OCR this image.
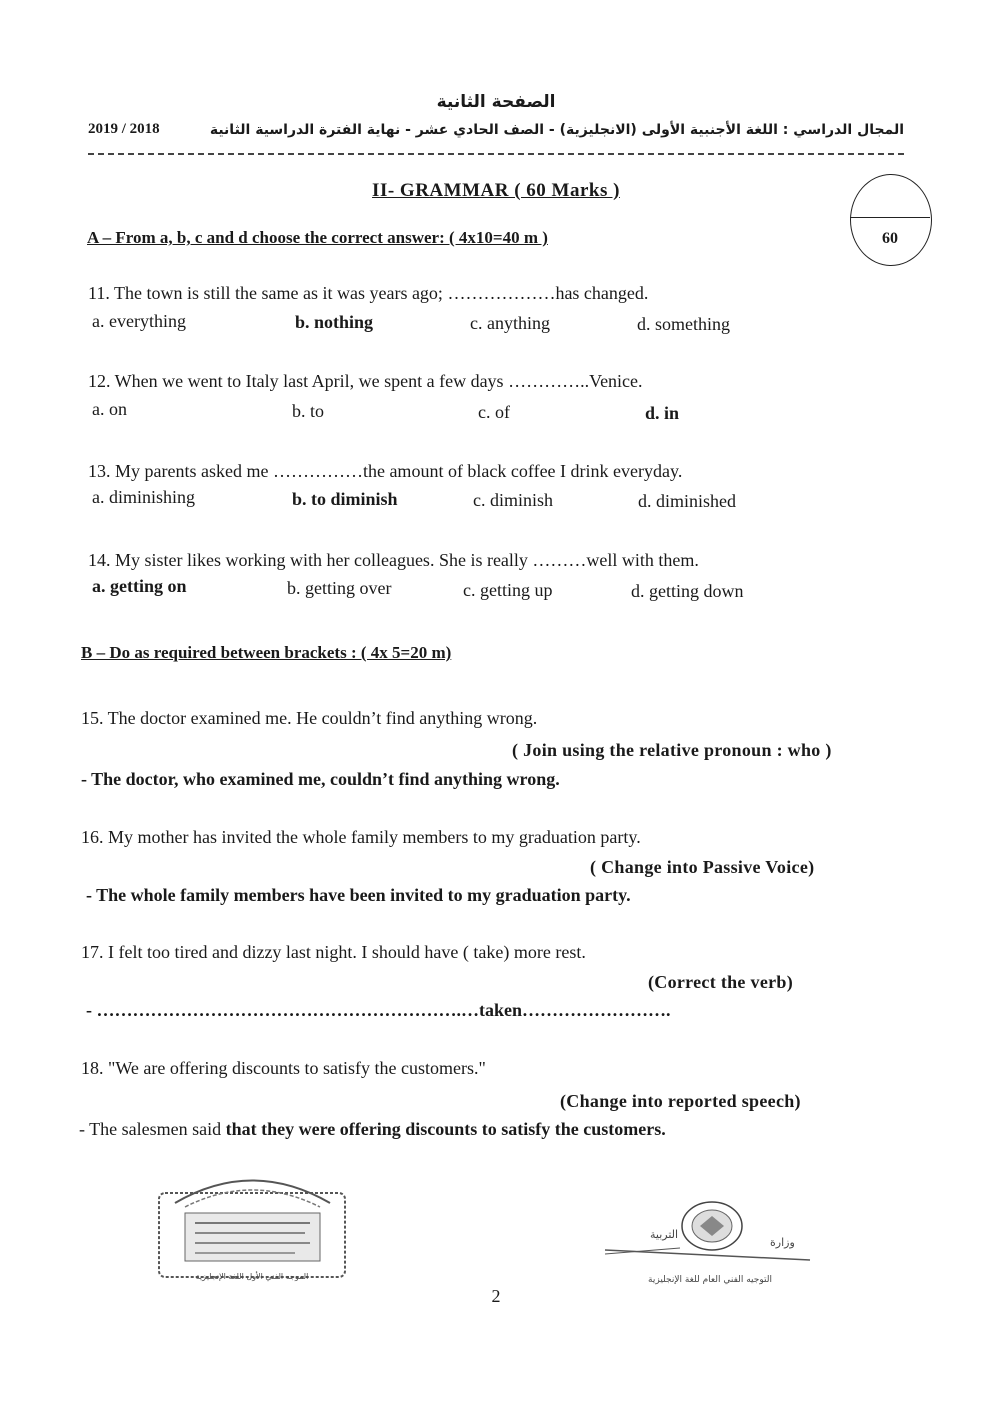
الصفحة الثانية
المجال الدراسي : اللغة الأجنبية الأولى (الانجليزية) - الصف الحادي عشر - نهاية الفترة الدراسية الثانية
2019 / 2018
II- GRAMMAR ( 60 Marks )
60
A – From a, b, c and d choose the correct answer: ( 4x10=40 m )
11. The town is still the same as it was years ago; ………………has changed.
a. everything	b. nothing	c. anything	d. something
12. When we went to Italy last April, we spent a few days …………..Venice.
a. on	b. to	c. of	d. in
13. My parents asked me ……………the amount of black coffee I drink everyday.
a. diminishing	b. to diminish	c. diminish	d. diminished
14. My sister likes working with her colleagues. She is really ………well with them.
a. getting on	b. getting over	c. getting up	d. getting down
B – Do as required between brackets : ( 4x 5=20 m)
15. The doctor examined me. He couldn’t find anything wrong.
( Join using the relative pronoun : who )
- The doctor, who examined me, couldn’t find anything wrong.
16. My mother has invited the whole family members to my graduation party.
( Change into Passive Voice)
- The whole family members have been invited to my graduation party.
17. I felt too tired and dizzy last night. I should have ( take) more rest.
(Correct the verb)
- …………………………………………………….…taken…………………….
18. "We are offering discounts to satisfy the customers."
(Change into reported speech)
- The salesmen said that they were offering discounts to satisfy the customers.
الموجه الفني الأول اللغة الإنجليزية
التربية
وزارة
التوجيه الفني العام للغة الإنجليزية
2
